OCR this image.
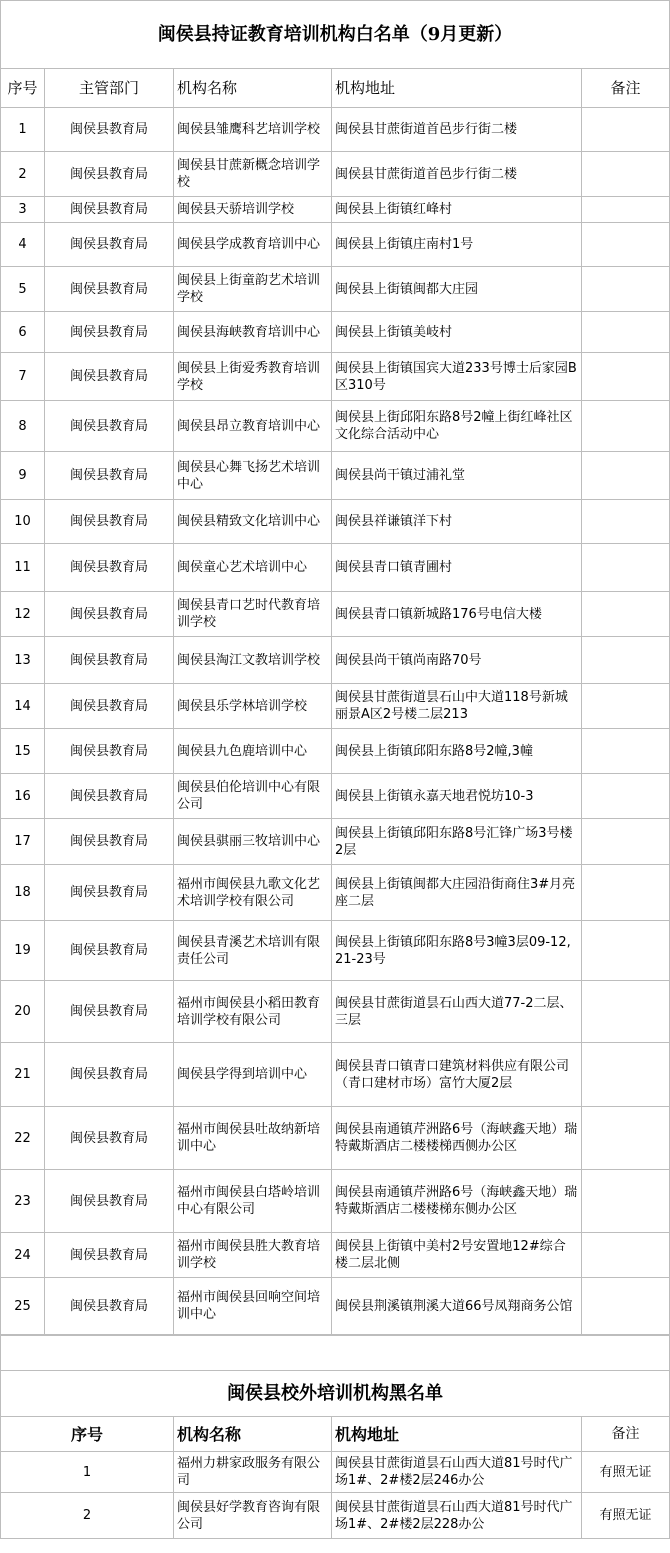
闽侯县持证教育培训机构白名单（9月更新）				
序号	主管部门	机构名称	机构地址	备注
1	闽侯县教育局	闽侯县雏鹰科艺培训学校	闽侯县甘蔗街道首邑步行街二楼	
2	闽侯县教育局	闽侯县甘蔗新概念培训学校	闽侯县甘蔗街道首邑步行街二楼	
3	闽侯县教育局	闽侯县天骄培训学校	闽侯县上街镇红峰村	
4	闽侯县教育局	闽侯县学成教育培训中心	闽侯县上街镇庄南村1号	
5	闽侯县教育局	闽侯县上街童韵艺术培训学校	闽侯县上街镇闽都大庄园	
6	闽侯县教育局	闽侯县海峡教育培训中心	闽侯县上街镇美岐村	
7	闽侯县教育局	闽侯县上街爱秀教育培训学校	闽侯县上街镇国宾大道233号博士后家园B区310号	
8	闽侯县教育局	闽侯县昂立教育培训中心	闽侯县上街邱阳东路8号2幢上街红峰社区文化综合活动中心	
9	闽侯县教育局	闽侯县心舞飞扬艺术培训中心	闽侯县尚干镇过浦礼堂	
10	闽侯县教育局	闽侯县精致文化培训中心	闽侯县祥谦镇洋下村	
11	闽侯县教育局	闽侯童心艺术培训中心	闽侯县青口镇青圃村	
12	闽侯县教育局	闽侯县青口艺时代教育培训学校	闽侯县青口镇新城路176号电信大楼	
13	闽侯县教育局	闽侯县淘江文教培训学校	闽侯县尚干镇尚南路70号	
14	闽侯县教育局	闽侯县乐学林培训学校	闽侯县甘蔗街道昙石山中大道118号新城丽景A区2号楼二层213	
15	闽侯县教育局	闽侯县九色鹿培训中心	闽侯县上街镇邱阳东路8号2幢,3幢	
16	闽侯县教育局	闽侯县伯伦培训中心有限公司	闽侯县上街镇永嘉天地君悦坊10-3	
17	闽侯县教育局	闽侯县骐丽三牧培训中心	闽侯县上街镇邱阳东路8号汇锋广场3号楼2层	
18	闽侯县教育局	福州市闽侯县九歌文化艺术培训学校有限公司	闽侯县上街镇闽都大庄园沿街商住3#月亮座二层	
19	闽侯县教育局	闽侯县青溪艺术培训有限责任公司	闽侯县上街镇邱阳东路8号3幢3层09-12, 21-23号	
20	闽侯县教育局	福州市闽侯县小稻田教育培训学校有限公司	闽侯县甘蔗街道昙石山西大道77-2二层、三层	
21	闽侯县教育局	闽侯县学得到培训中心	闽侯县青口镇青口建筑材料供应有限公司（青口建材市场）富竹大厦2层	
22	闽侯县教育局	福州市闽侯县吐故纳新培训中心	闽侯县南通镇芹洲路6号（海峡鑫天地）瑞特戴斯酒店二楼楼梯西侧办公区	
23	闽侯县教育局	福州市闽侯县白塔岭培训中心有限公司	闽侯县南通镇芹洲路6号（海峡鑫天地）瑞特戴斯酒店二楼楼梯东侧办公区	
24	闽侯县教育局	福州市闽侯县胜大教育培训学校	闽侯县上街镇中美村2号安置地12#综合楼二层北侧	
25	闽侯县教育局	福州市闽侯县回响空间培训中心	闽侯县荆溪镇荆溪大道66号凤翔商务公馆	

闽侯县校外培训机构黑名单			
序号	机构名称	机构地址	备注
1	福州力耕家政服务有限公司	闽侯县甘蔗街道昙石山西大道81号时代广场1#、2#楼2层246办公	有照无证
2	闽侯县好学教育咨询有限公司	闽侯县甘蔗街道昙石山西大道81号时代广场1#、2#楼2层228办公	有照无证
